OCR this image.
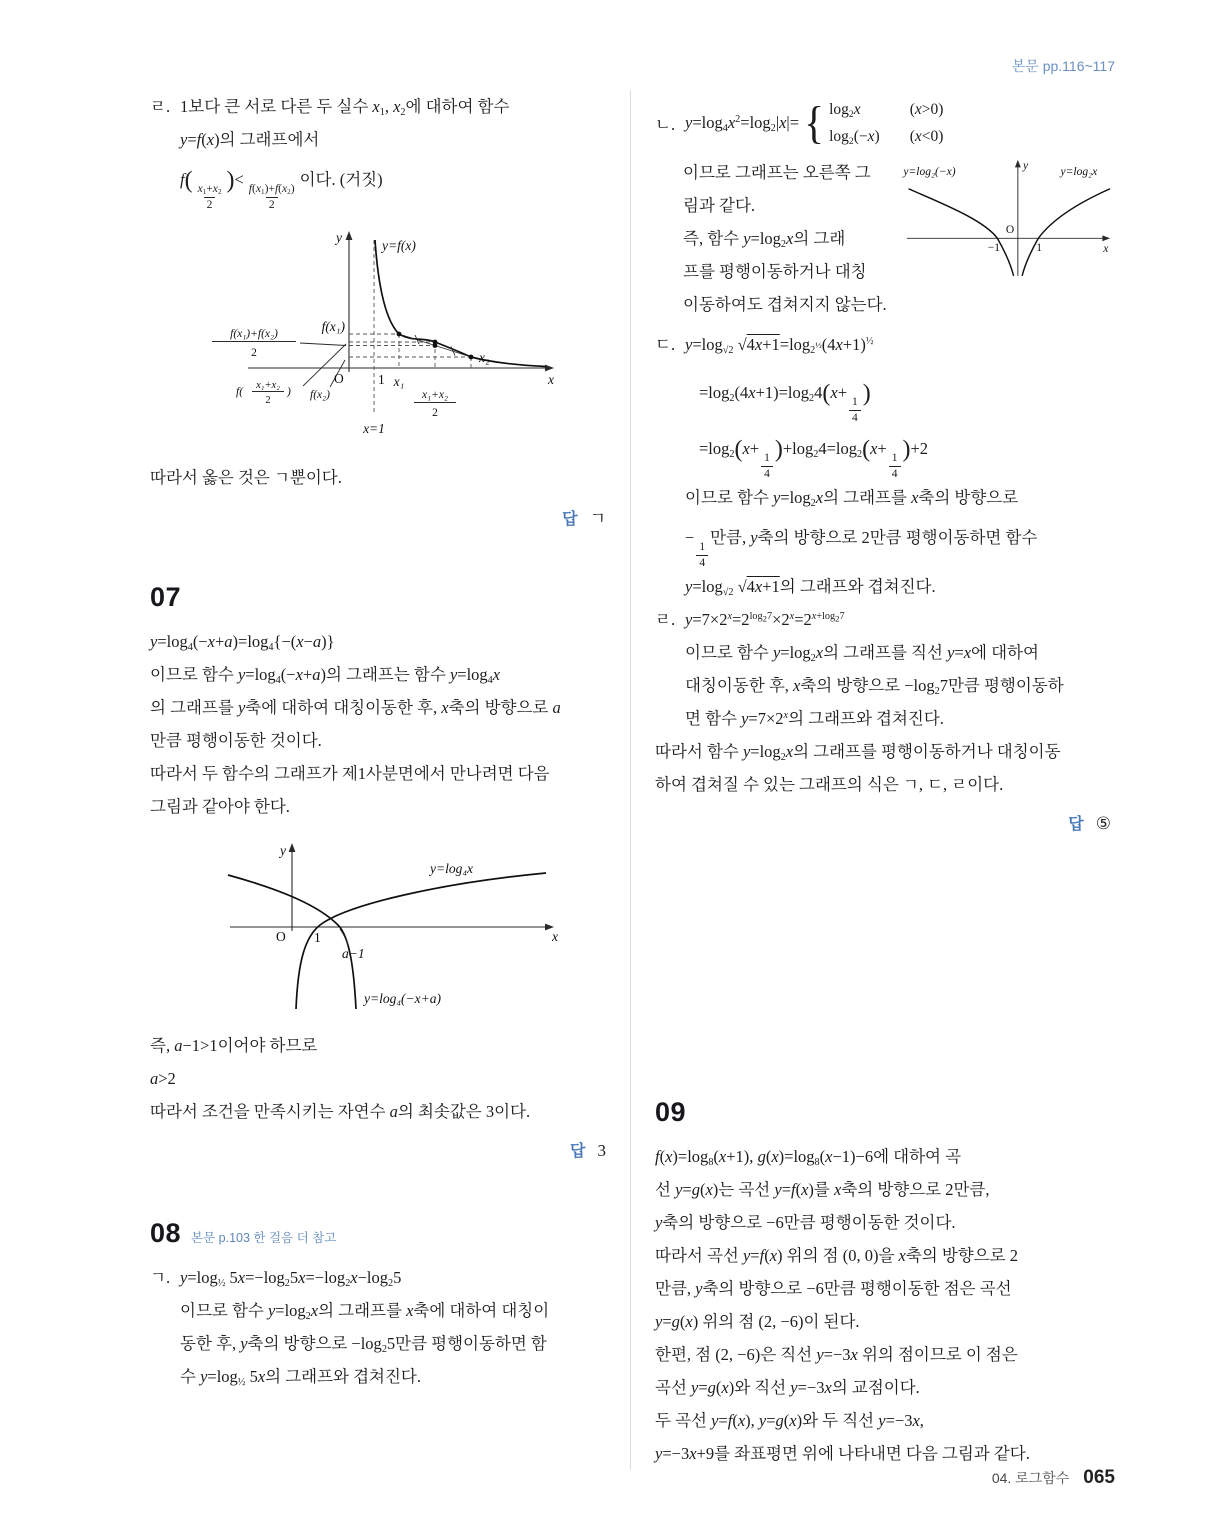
본문 pp.116~117
ㄹ. 1보다 큰 서로 다른 두 실수 $x_1$, $x_2$에 대하여 함수
y=f(x)의 그래프에서
f(
$\frac{x_1+x_2}{2}$
)<
$\frac{f(x_1)+f(x_2)}{2}$
이다. (거짓)
y
x
y=f(x)
O	1 x₁
x₂
x₁+x₂
2
x=1
f(x₁)
f(x₁)+f(x₂)
2
f(
x₁+x₂
2
) f(x₂)
따라서 옳은 것은 ㄱ뿐이다.
답 ㄱ
07
$y=\log_4(-x+a)=\log_4\{-(x-a)\}$
이므로 함수 $y=\log_4(-x+a)$의 그래프는 함수 $y=\log_4x$
의 그래프를 y축에 대하여 대칭이동한 후, x축의 방향으로 a
만큼 평행이동한 것이다.
따라서 두 함수의 그래프가 제1사분면에서 만나려면 다음
그림과 같아야 한다.
y
x
O 1
a−1
y=log₄x
y=log₄(−x+a)
즉, a−1>1이어야 하므로
a>2
따라서 조건을 만족시키는 자연수 a의 최솟값은 3이다.
답 3
08 본문 p.103 한 걸음 더 참고
ㄱ. $y=\log_{\frac{1}{2}}$ $5x=-\log_25x=-\log_2x-\log_25$
이므로 함수 $y=\log_2x$의 그래프를 x축에 대하여 대칭이
동한 후, y축의 방향으로 $-\log_25$만큼 평행이동하면 함
수 $y=\log_{\frac{1}{2}}$ 5x의 그래프와 겹쳐진다.
ㄴ. $y=\log_4x^2=\log_2|x|=$ { $\log_2x$	(x>0)
$\log_2(-x)$ (x<0)
이므로 그래프는 오른쪽 그
림과 같다.
즉, 함수 $y=\log_2x$의 그래
프를 평행이동하거나 대칭
이동하여도 겹쳐지지 않는다.
y
x
O
−1	1
y=log₂(−x)	y=log₂x
ㄷ. $y=\log_{√2}$ $√4x+1=\log_{2^{\frac{1}{2}}}(4x+1)^{\frac{1}{2}}$
$=\log_2(4x+1)=\log_24(x+$
$\frac{1}{4}$
)
$=\log_2(x+$
$\frac{1}{4}$
)$+\log_24=\log_2(x+$
$\frac{1}{4}$
)+2
이므로 함수 $y=\log_2x$의 그래프를 x축의 방향으로
−
$\frac{1}{4}$
만큼, y축의 방향으로 2만큼 평행이동하면 함수
$y=\log_{√2}$ √4x+1의 그래프와 겹쳐진다.
ㄹ. $y=7\times 2^x=2^{log_27}\times 2^x=2^{x+log_27}$
이므로 함수 $y=\log_2x$의 그래프를 직선 y=x에 대하여
대칭이동한 후, x축의 방향으로 $-\log_27$만큼 평행이동하
면 함수 $y=7\times 2^x$의 그래프와 겹쳐진다.
따라서 함수 $y=\log_2x$의 그래프를 평행이동하거나 대칭이동
하여 겹쳐질 수 있는 그래프의 식은 ㄱ, ㄷ, ㄹ이다.
답 ⑤
09
$f(x)=\log_8(x+1)$, $g(x)=\log_8(x-1)-6$에 대하여 곡
선 y=g(x)는 곡선 y=f(x)를 x축의 방향으로 2만큼,
y축의 방향으로 −6만큼 평행이동한 것이다.
따라서 곡선 y=f(x) 위의 점 (0, 0)을 x축의 방향으로 2
만큼, y축의 방향으로 −6만큼 평행이동한 점은 곡선
y=g(x) 위의 점 (2, −6)이 된다.
한편, 점 (2, −6)은 직선 y=−3x 위의 점이므로 이 점은
곡선 y=g(x)와 직선 y=−3x의 교점이다.
두 곡선 y=f(x), y=g(x)와 두 직선 y=−3x,
y=−3x+9를 좌표평면 위에 나타내면 다음 그림과 같다.
04. 로그함수 065
